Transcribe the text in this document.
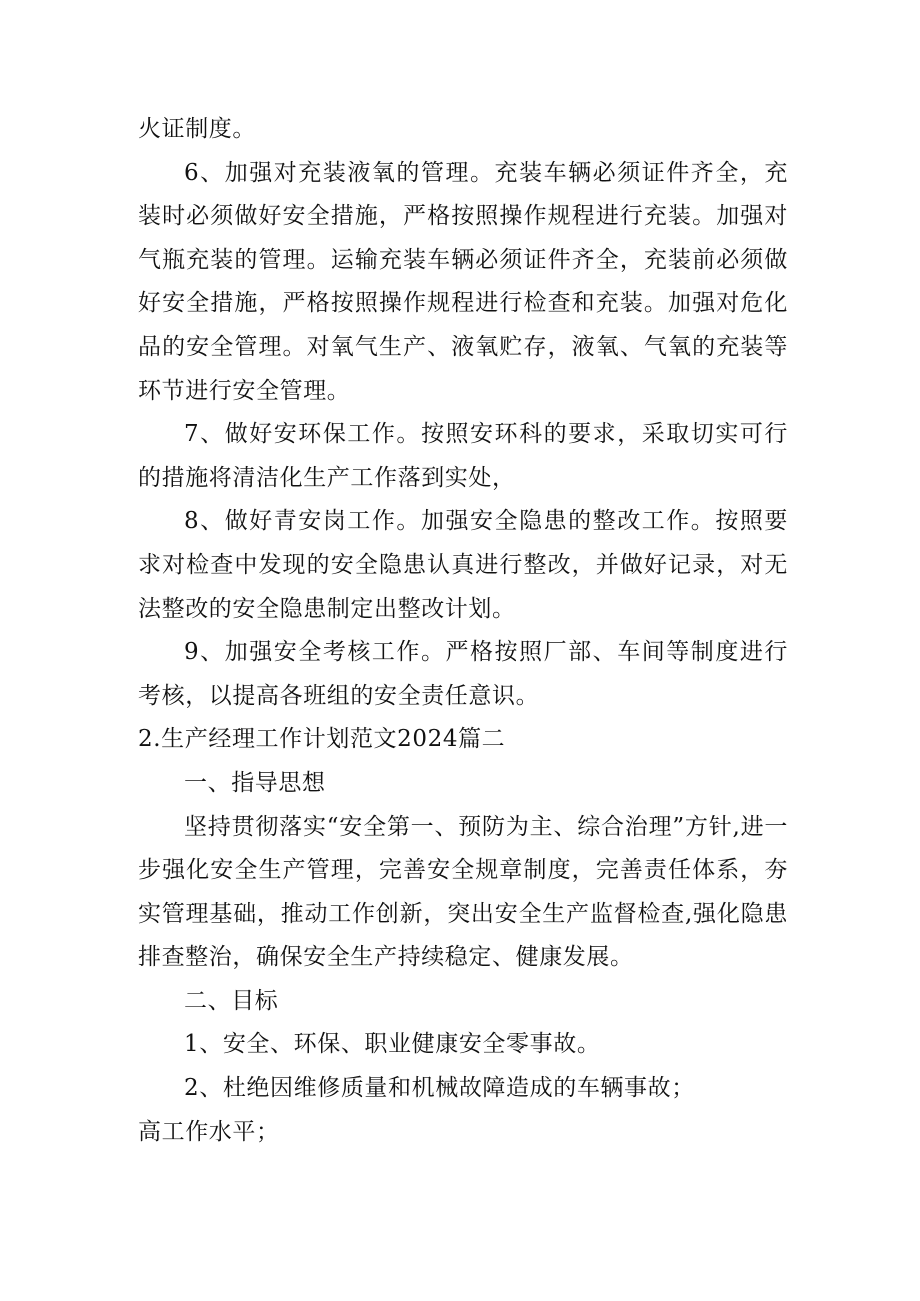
火证制度。

6、加强对充装液氧的管理。充装车辆必须证件齐全，充装时必须做好安全措施，严格按照操作规程进行充装。加强对气瓶充装的管理。运输充装车辆必须证件齐全，充装前必须做好安全措施，严格按照操作规程进行检查和充装。加强对危化品的安全管理。对氧气生产、液氧贮存，液氧、气氧的充装等环节进行安全管理。

7、做好安环保工作。按照安环科的要求，采取切实可行的措施将清洁化生产工作落到实处，

8、做好青安岗工作。加强安全隐患的整改工作。按照要求对检查中发现的安全隐患认真进行整改，并做好记录，对无法整改的安全隐患制定出整改计划。

9、加强安全考核工作。严格按照厂部、车间等制度进行考核，以提高各班组的安全责任意识。

2.生产经理工作计划范文2024篇二

一、指导思想

坚持贯彻落实“安全第一、预防为主、综合治理”方针,进一步强化安全生产管理，完善安全规章制度，完善责任体系，夯实管理基础，推动工作创新，突出安全生产监督检查,强化隐患排查整治，确保安全生产持续稳定、健康发展。

二、目标

1、安全、环保、职业健康安全零事故。

2、杜绝因维修质量和机械故障造成的车辆事故；

高工作水平；
